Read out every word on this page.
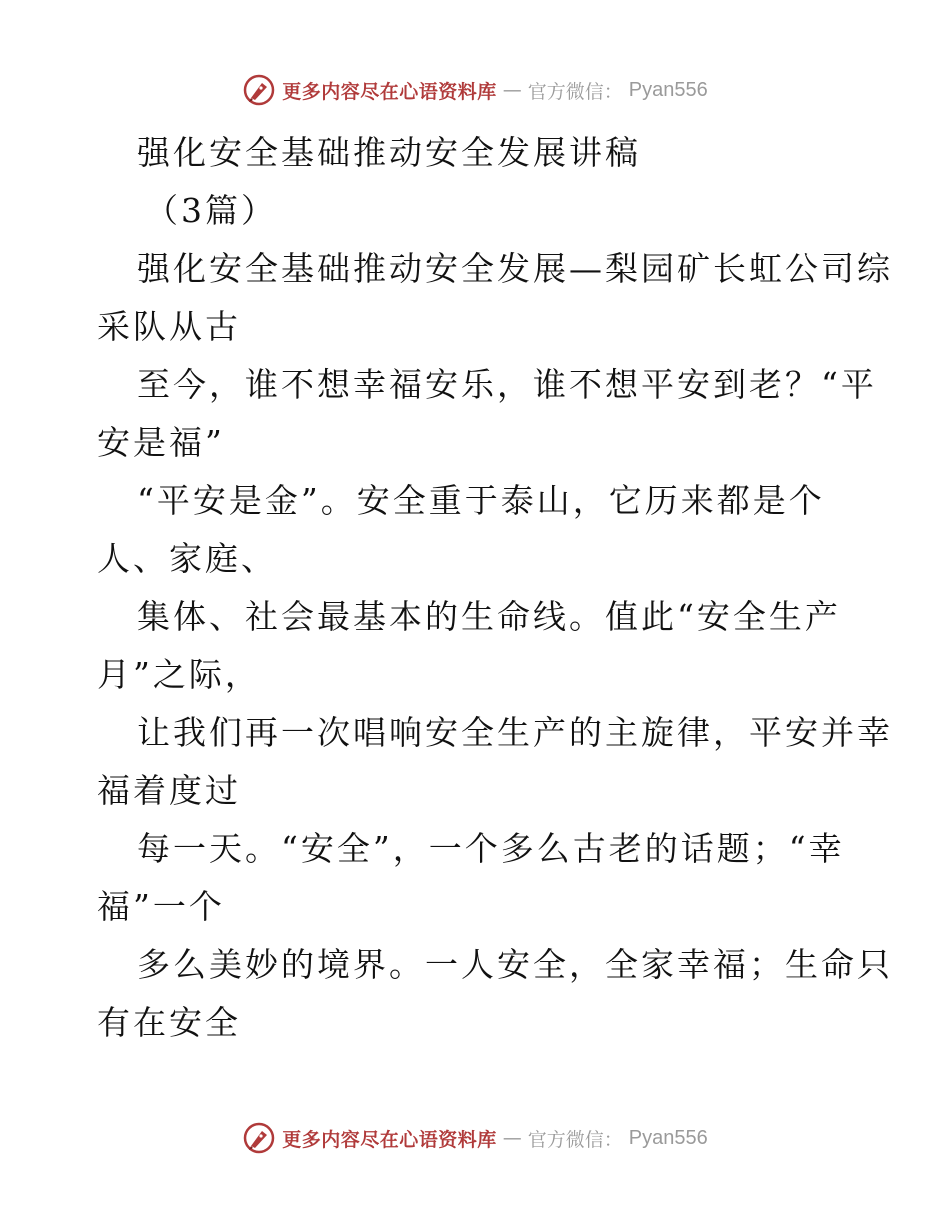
更多内容尽在心语资料库 — 官方微信： Pyan556
强化安全基础推动安全发展讲稿
（3篇）
强化安全基础推动安全发展—梨园矿长虹公司综
采队从古
至今，谁不想幸福安乐，谁不想平安到老？“平
安是福”
“平安是金”。安全重于泰山，它历来都是个
人、家庭、
集体、社会最基本的生命线。值此“安全生产
月”之际，
让我们再一次唱响安全生产的主旋律，平安并幸
福着度过
每一天。“安全”，一个多么古老的话题；“幸
福”一个
多么美妙的境界。一人安全，全家幸福；生命只
有在安全
更多内容尽在心语资料库 — 官方微信： Pyan556
